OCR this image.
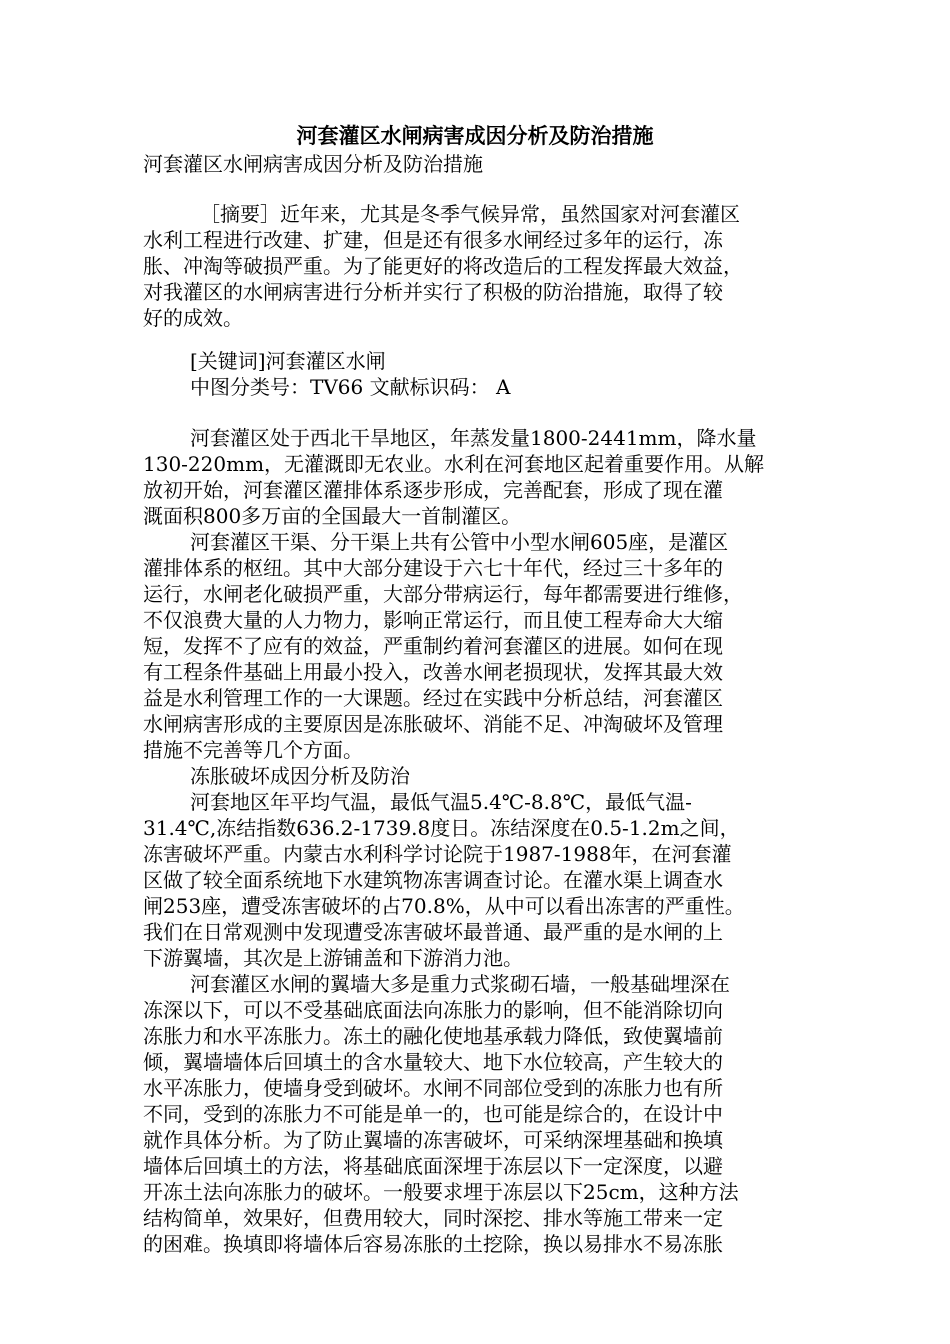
河套灌区水闸病害成因分析及防治措施
河套灌区水闸病害成因分析及防治措施
［摘要］近年来，尤其是冬季气候异常，虽然国家对河套灌区
水利工程进行改建、扩建，但是还有很多水闸经过多年的运行，冻
胀、冲淘等破损严重。为了能更好的将改造后的工程发挥最大效益，
对我灌区的水闸病害进行分析并实行了积极的防治措施，取得了较
好的成效。
[关键词]河套灌区水闸
中图分类号：TV66 文献标识码： A
河套灌区处于西北干旱地区，年蒸发量1800-2441mm，降水量
130-220mm，无灌溉即无农业。水利在河套地区起着重要作用。从解
放初开始，河套灌区灌排体系逐步形成，完善配套，形成了现在灌
溉面积800多万亩的全国最大一首制灌区。
河套灌区干渠、分干渠上共有公管中小型水闸605座，是灌区
灌排体系的枢纽。其中大部分建设于六七十年代，经过三十多年的
运行，水闸老化破损严重，大部分带病运行，每年都需要进行维修，
不仅浪费大量的人力物力，影响正常运行，而且使工程寿命大大缩
短，发挥不了应有的效益，严重制约着河套灌区的进展。如何在现
有工程条件基础上用最小投入，改善水闸老损现状，发挥其最大效
益是水利管理工作的一大课题。经过在实践中分析总结，河套灌区
水闸病害形成的主要原因是冻胀破坏、消能不足、冲淘破坏及管理
措施不完善等几个方面。
冻胀破坏成因分析及防治
河套地区年平均气温，最低气温5.4℃-8.8℃，最低气温-
31.4℃,冻结指数636.2-1739.8度日。冻结深度在0.5-1.2m之间，
冻害破坏严重。内蒙古水利科学讨论院于1987-1988年，在河套灌
区做了较全面系统地下水建筑物冻害调查讨论。在灌水渠上调查水
闸253座，遭受冻害破坏的占70.8%，从中可以看出冻害的严重性。
我们在日常观测中发现遭受冻害破坏最普通、最严重的是水闸的上
下游翼墙，其次是上游铺盖和下游消力池。
河套灌区水闸的翼墙大多是重力式浆砌石墙，一般基础埋深在
冻深以下，可以不受基础底面法向冻胀力的影响，但不能消除切向
冻胀力和水平冻胀力。冻土的融化使地基承载力降低，致使翼墙前
倾，翼墙墙体后回填土的含水量较大、地下水位较高，产生较大的
水平冻胀力，使墙身受到破坏。水闸不同部位受到的冻胀力也有所
不同，受到的冻胀力不可能是单一的，也可能是综合的，在设计中
就作具体分析。为了防止翼墙的冻害破坏，可采纳深埋基础和换填
墙体后回填土的方法，将基础底面深埋于冻层以下一定深度，以避
开冻土法向冻胀力的破坏。一般要求埋于冻层以下25cm，这种方法
结构简单，效果好，但费用较大，同时深挖、排水等施工带来一定
的困难。换填即将墙体后容易冻胀的土挖除，换以易排水不易冻胀
